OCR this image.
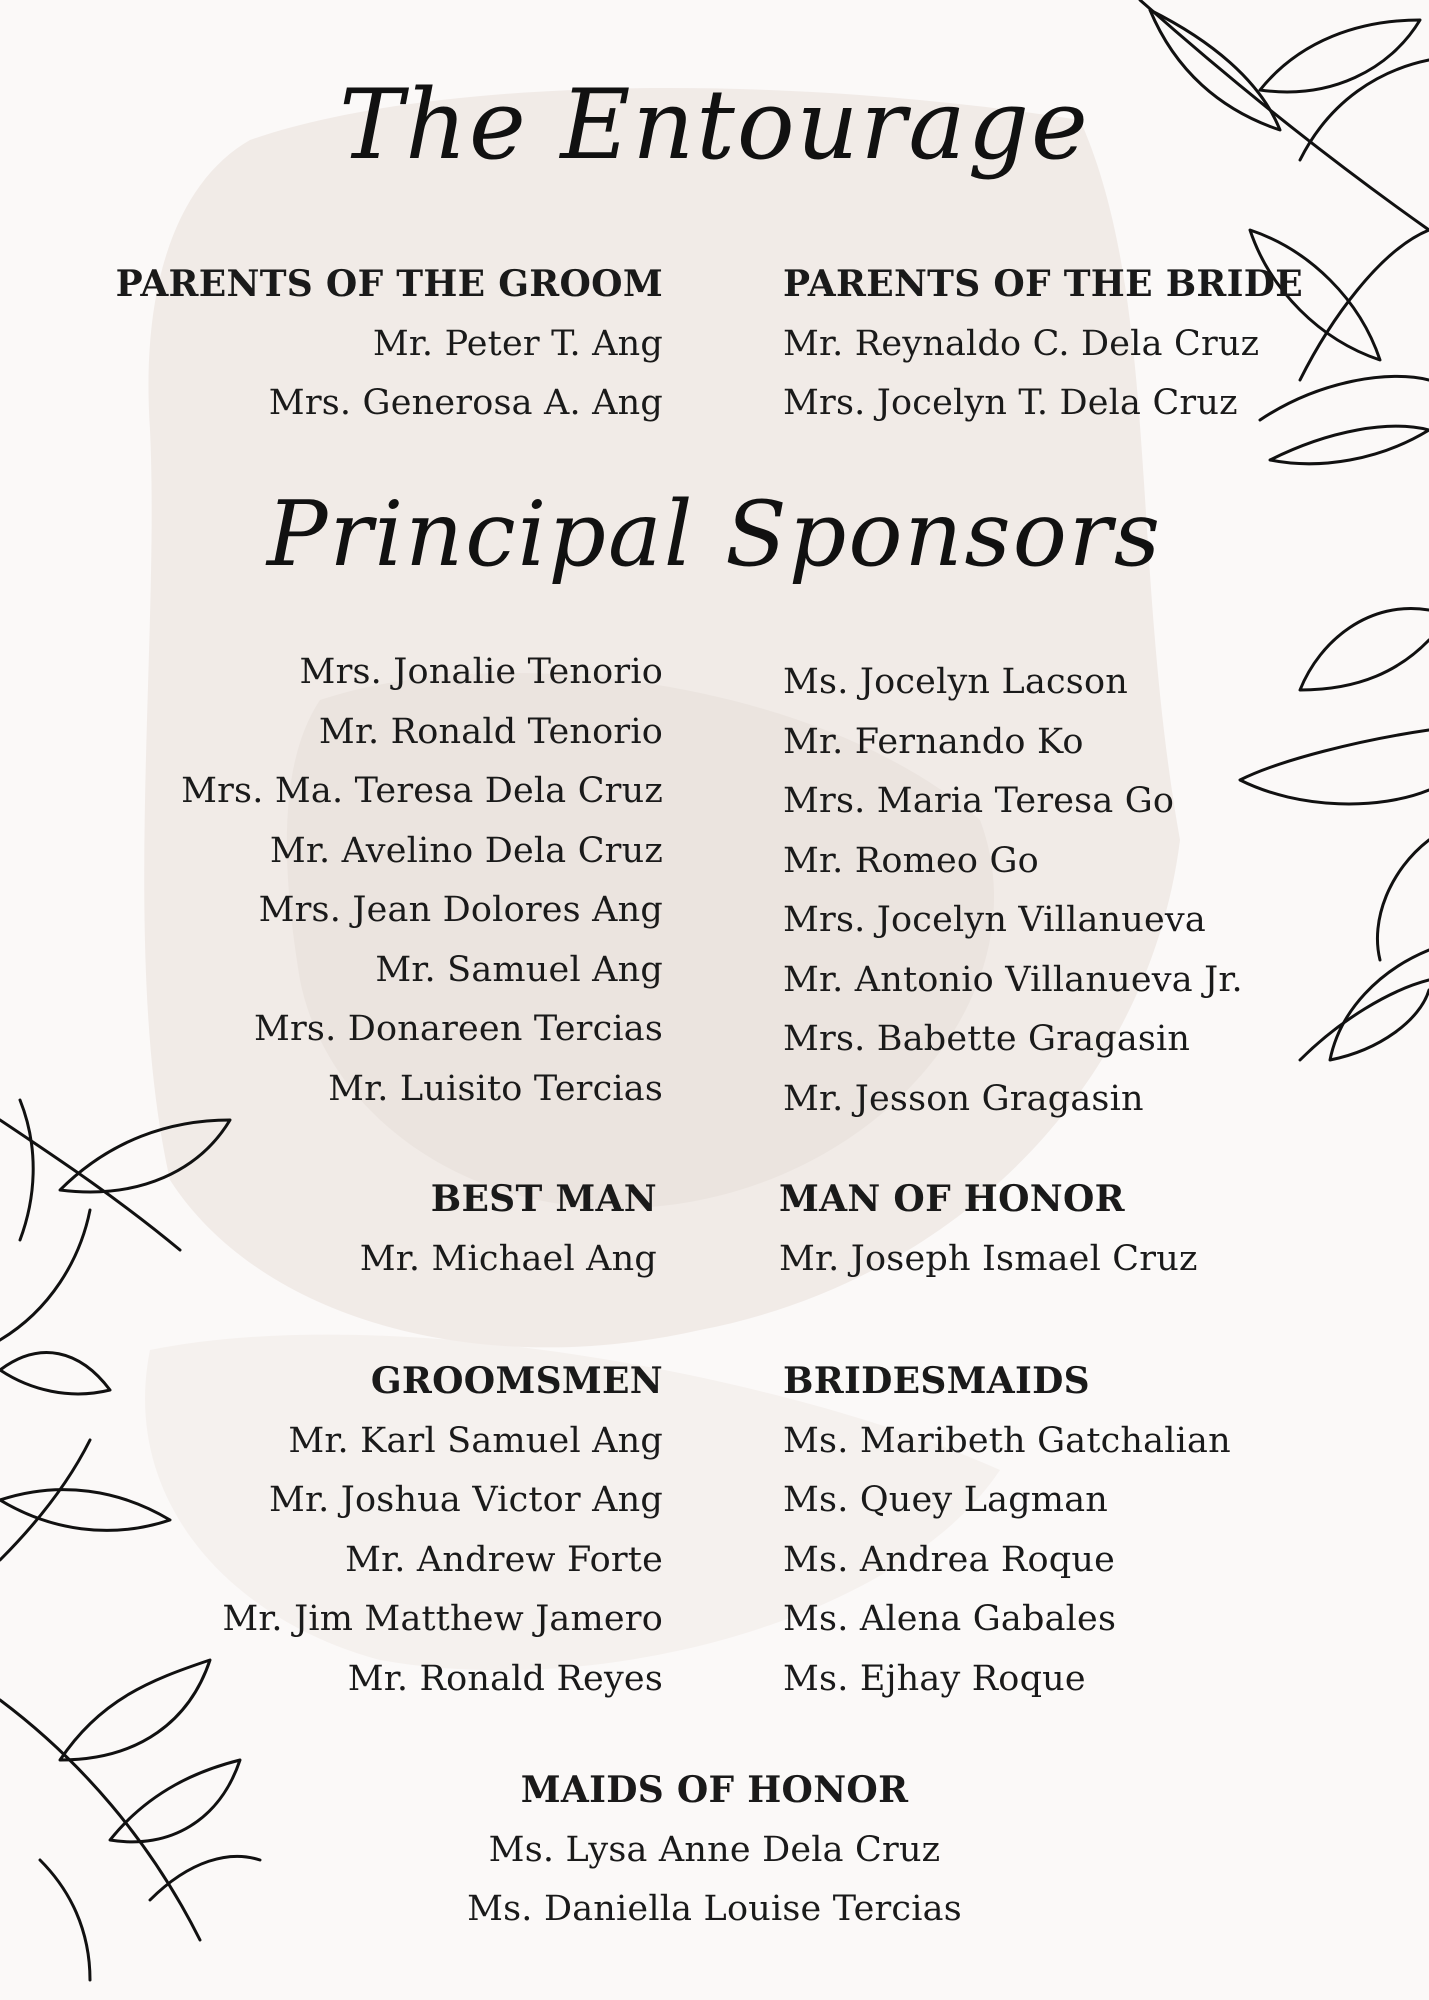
The Entourage
PARENTS OF THE GROOM
Mr. Peter T. Ang
Mrs. Generosa A. Ang
PARENTS OF THE BRIDE
Mr. Reynaldo C. Dela Cruz
Mrs. Jocelyn T. Dela Cruz
Principal Sponsors
Mrs. Jonalie Tenorio
Mr. Ronald Tenorio
Mrs. Ma. Teresa Dela Cruz
Mr. Avelino Dela Cruz
Mrs. Jean Dolores Ang
Mr. Samuel Ang
Mrs. Donareen Tercias
Mr. Luisito Tercias
Ms. Jocelyn Lacson
Mr. Fernando Ko
Mrs. Maria Teresa Go
Mr. Romeo Go
Mrs. Jocelyn Villanueva
Mr. Antonio Villanueva Jr.
Mrs. Babette Gragasin
Mr. Jesson Gragasin
BEST MAN
Mr. Michael Ang
MAN OF HONOR
Mr. Joseph Ismael Cruz
GROOMSMEN
Mr. Karl Samuel Ang
Mr. Joshua Victor Ang
Mr. Andrew Forte
Mr. Jim Matthew Jamero
Mr. Ronald Reyes
BRIDESMAIDS
Ms. Maribeth Gatchalian
Ms. Quey Lagman
Ms. Andrea Roque
Ms. Alena Gabales
Ms. Ejhay Roque
MAIDS OF HONOR
Ms. Lysa Anne Dela Cruz
Ms. Daniella Louise Tercias
